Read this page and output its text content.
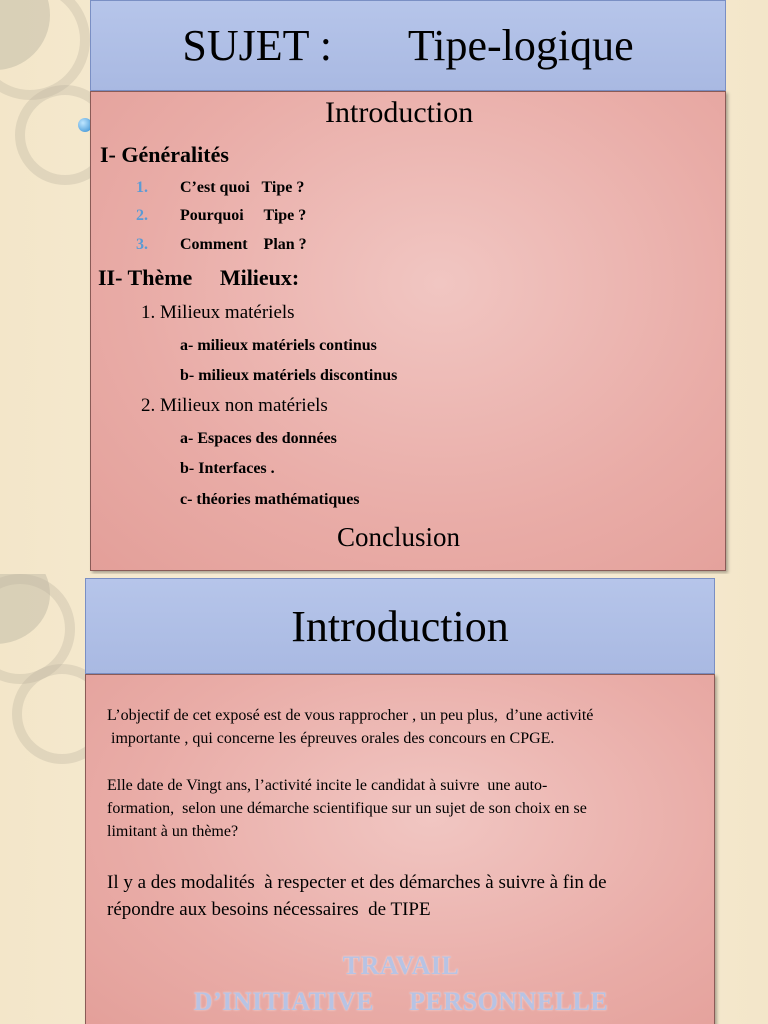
SUJET : Tipe-logique
Introduction
I- Généralités
1. C’est quoi   Tipe ?
2. Pourquoi     Tipe ?
3. Comment    Plan ?
II- Thème     Milieux:
1. Milieux matériels
a- milieux matériels continus
b- milieux matériels discontinus
2. Milieux non matériels
a- Espaces des données
b- Interfaces .
c- théories mathématiques
Conclusion
Introduction
L’objectif de cet exposé est de vous rapprocher , un peu plus,  d’une activité
importante , qui concerne les épreuves orales des concours en CPGE.
Elle date de Vingt ans, l’activité incite le candidat à suivre  une auto-
formation,  selon une démarche scientifique sur un sujet de son choix en se
limitant à un thème?
Il y a des modalités  à respecter et des démarches à suivre à fin de
répondre aux besoins nécessaires  de TIPE
TRAVAIL
D’INITIATIVE     PERSONNELLE
